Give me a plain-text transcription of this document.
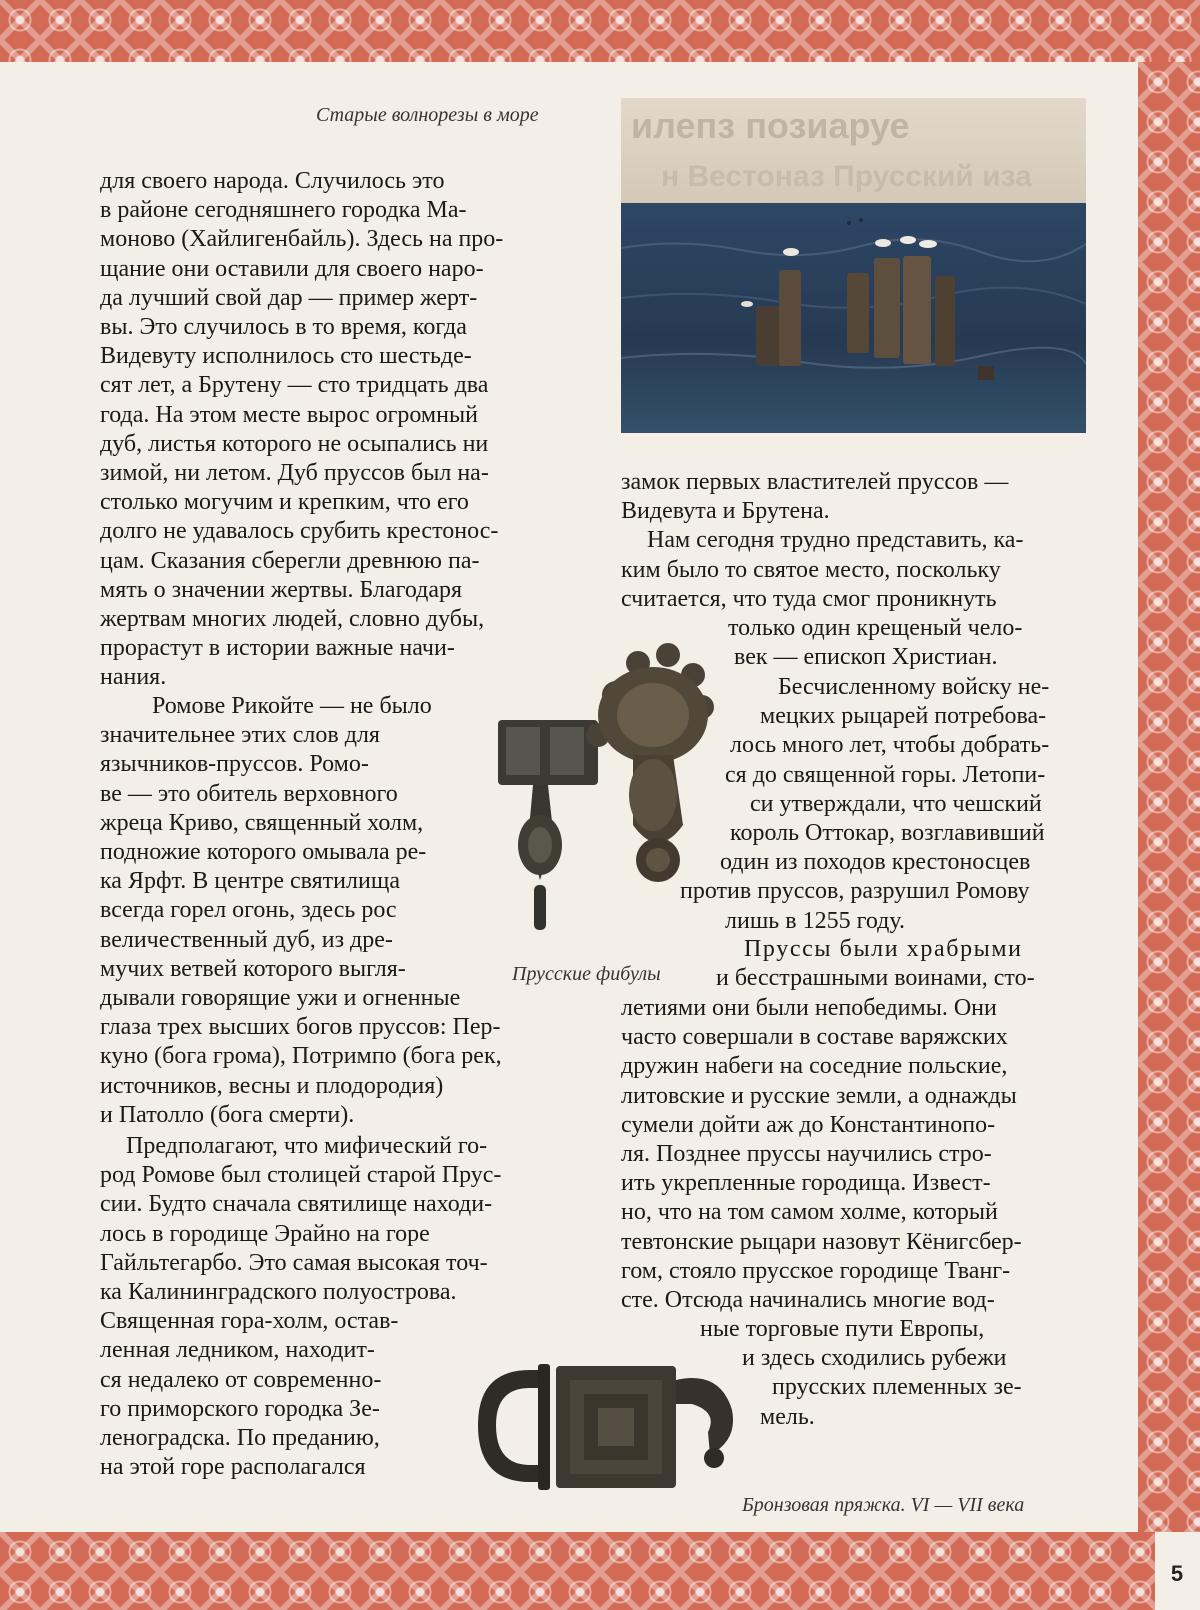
5
Старые волнорезы в море	илепз позиаруе
н Вестоназ Прусский иза

для своего народа. Случилось это
в районе сегодняшнего городка Ма-
моново (Хайлигенбайль). Здесь на про-
щание они оставили для своего наро-
да лучший свой дар — пример жерт-
вы. Это случилось в то время, когда
Видевуту исполнилось сто шестьде-
сят лет, а Брутену — сто тридцать два
года. На этом месте вырос огромный
дуб, листья которого не осыпались ни
зимой, ни летом. Дуб пруссов был на-
столько могучим и крепким, что его
долго не удавалось срубить крестонос-
цам. Сказания сберегли древнюю па-
мять о значении жертвы. Благодаря
жертвам многих людей, словно дубы,
прорастут в истории важные начи-
нания.

Ромове Рикойте — не было

значительнее этих слов для
язычников-пруссов. Ромо-
ве — это обитель верховного
жреца Криво, священный холм,
подножие которого омывала ре-
ка Ярфт. В центре святилища
всегда горел огонь, здесь рос
величественный дуб, из дре-
мучих ветвей которого выгля-
дывали говорящие ужи и огненные
глаза трех высших богов пруссов: Пер-
куно (бога грома), Потримпо (бога рек,
источников, весны и плодородия)
и Патолло (бога смерти).
Предполагают, что мифический го-
род Ромове был столицей старой Прус-
сии. Будто сначала святилище находи-
лось в городище Эрайно на горе
Гайльтегарбо. Это самая высокая точ-
ка Калининградского полуострова.
Священная гора-холм, остав-
ленная ледником, находит-
ся недалеко от современно-
го приморского городка Зе-
леноградска. По преданию,
на этой горе располагался
Прусские фибулы
замок первых властителей пруссов —
Видевута и Брутена.
Нам сегодня трудно представить, ка-
ким было то святое место, поскольку
считается, что туда смог проникнуть
только один крещеный чело-
век — епископ Христиан.
Бесчисленному войску не-
мецких рыцарей потребова-
лось много лет, чтобы добрать-
ся до священной горы. Летопи-
си утверждали, что чешский
король Оттокар, возглавивший
один из походов крестоносцев
против пруссов, разрушил Ромову
лишь в 1255 году.
Пруссы были храбрыми
и бесстрашными воинами, сто-
летиями они были непобедимы. Они
часто совершали в составе варяжских
дружин набеги на соседние польские,
литовские и русские земли, а однажды
сумели дойти аж до Константинопо-
ля. Позднее пруссы научились стро-
ить укрепленные городища. Извест-
но, что на том самом холме, который
тевтонские рыцари назовут Кёнигсбер-
гом, стояло прусское городище Тванг-
сте. Отсюда начинались многие вод-
ные торговые пути Европы,
и здесь сходились рубежи
прусских племенных зе-
мель.
Бронзовая пряжка. VI — VII века
